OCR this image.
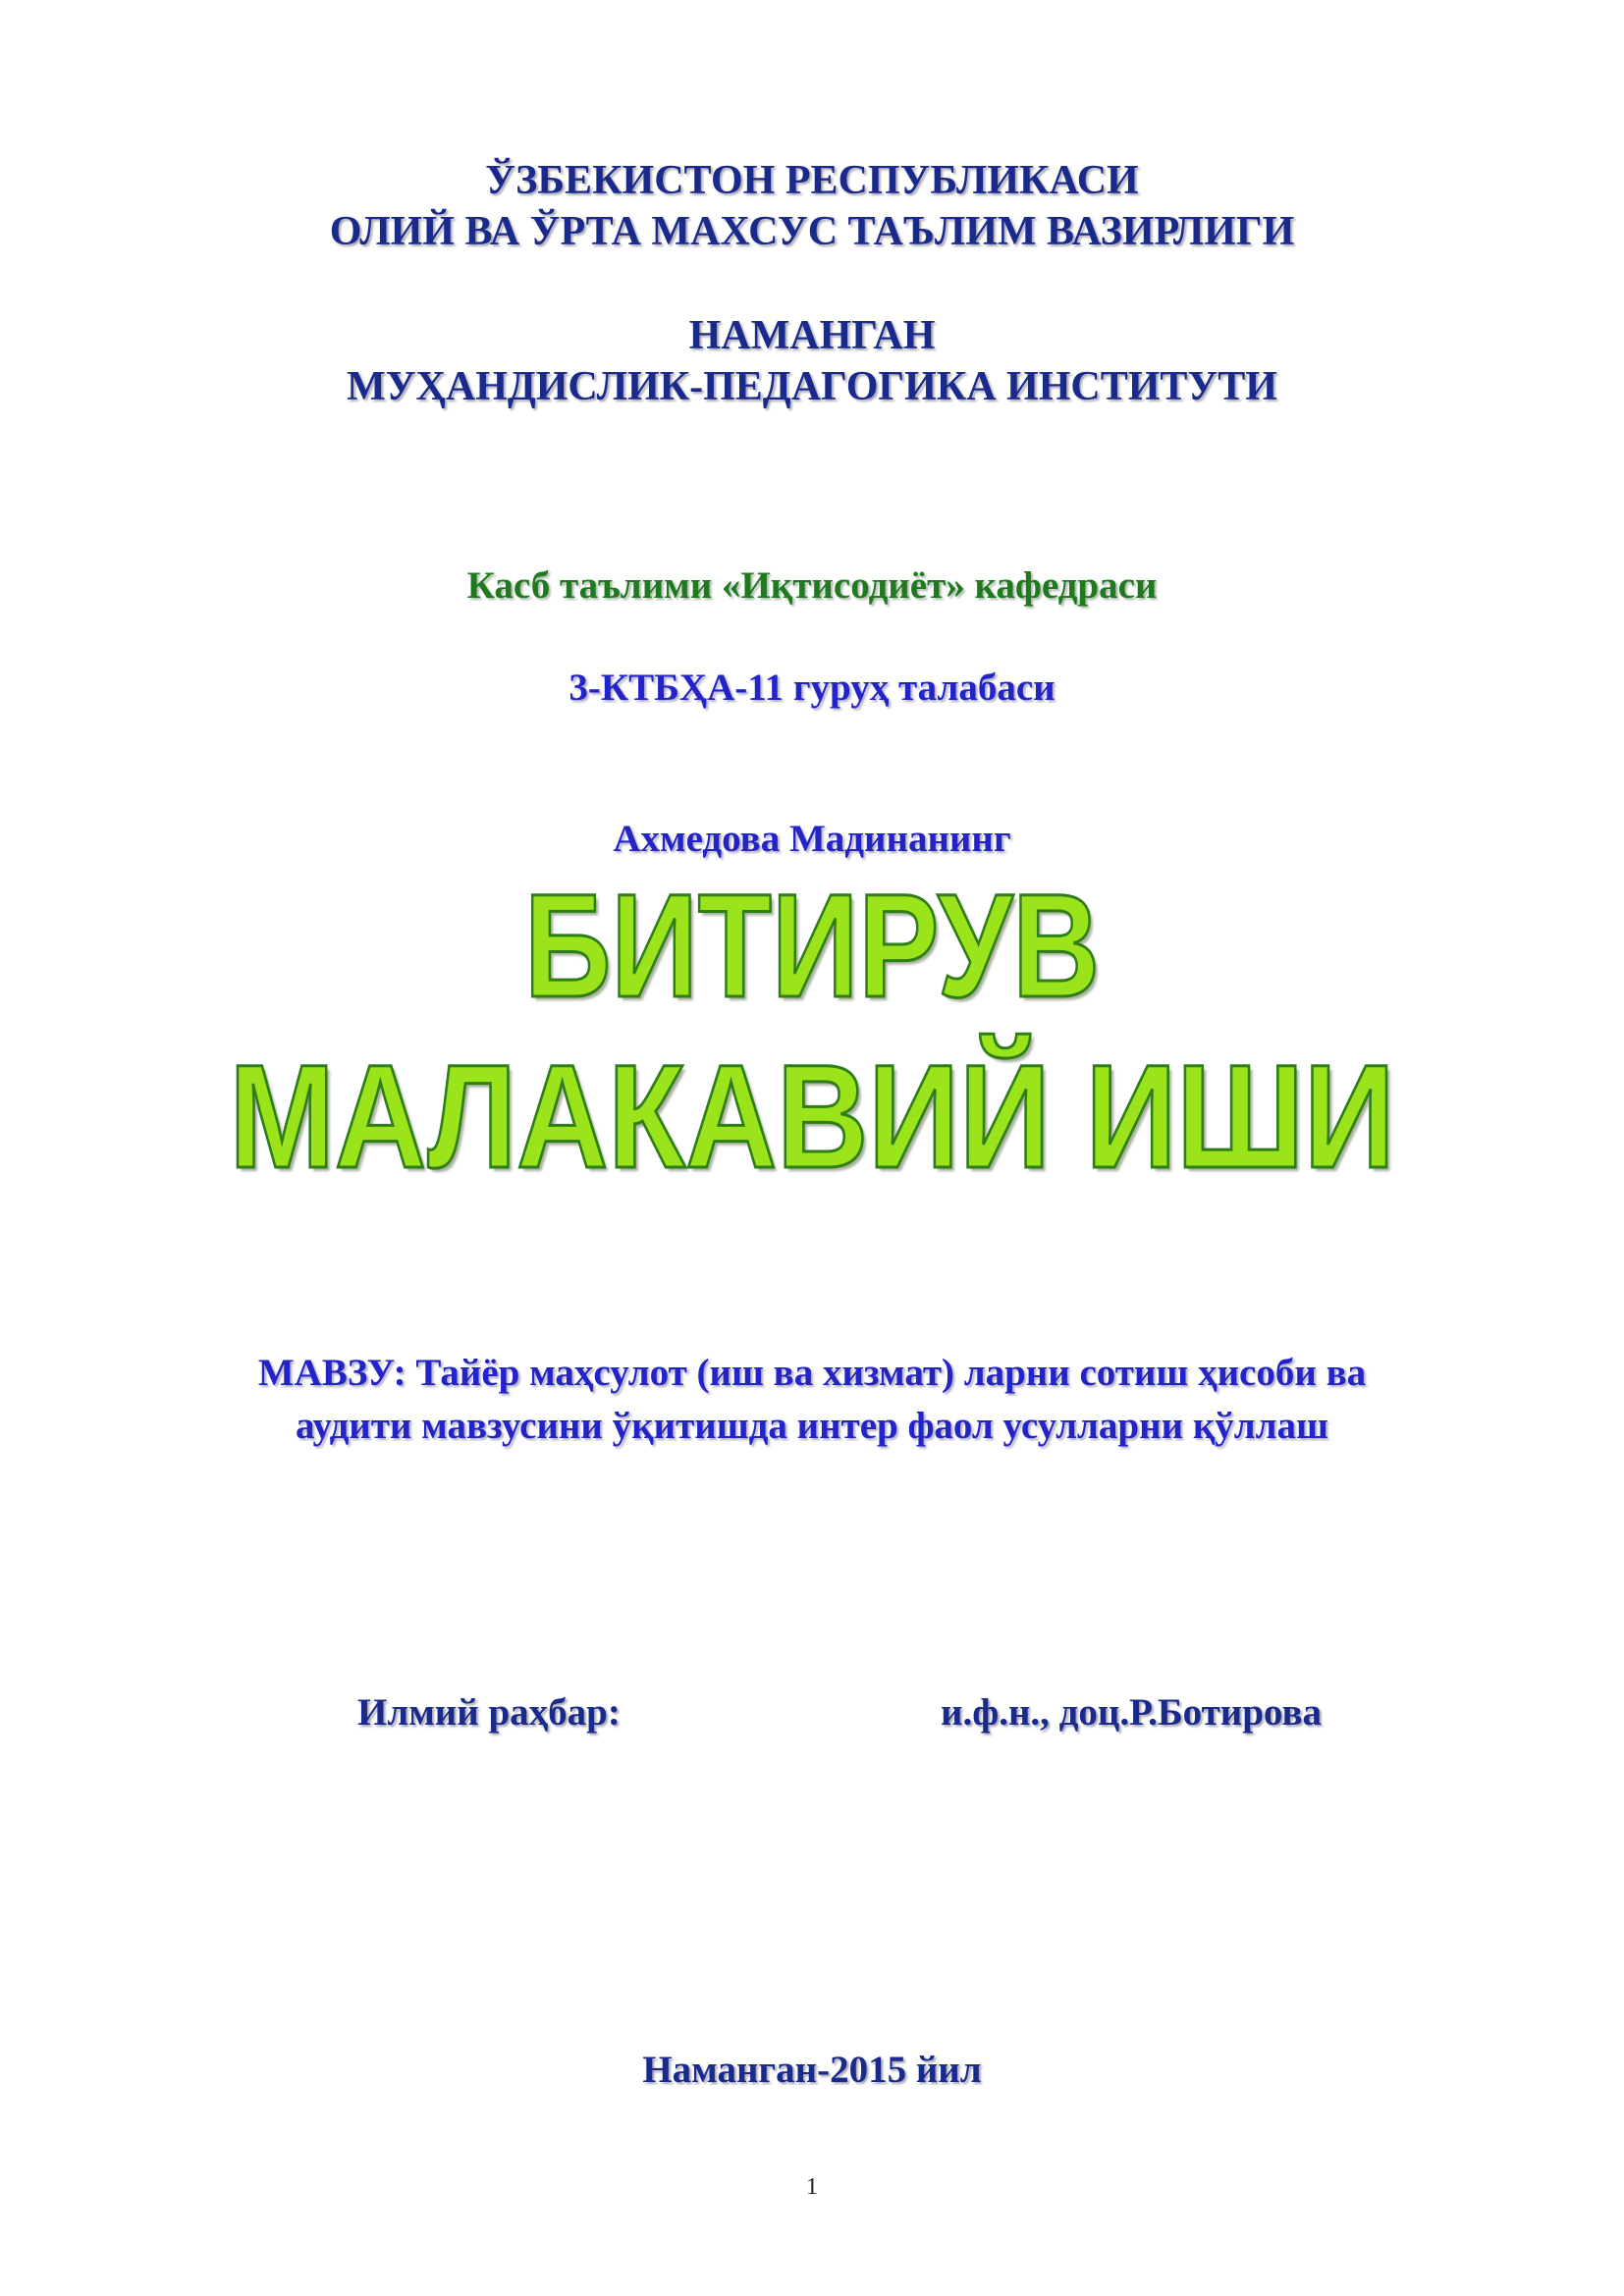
ЎЗБЕКИСТОН РЕСПУБЛИКАСИ
ОЛИЙ ВА ЎРТА МАХСУС ТАЪЛИМ ВАЗИРЛИГИ
НАМАНГАН
МУҲАНДИСЛИК-ПЕДАГОГИКА ИНСТИТУТИ
Касб таълими «Иқтисодиёт» кафедраси
3-КТБҲА-11 гуруҳ талабаси
Ахмедова Мадинанинг
БИТИРУВ
МАЛАКАВИЙ ИШИ
МАВЗУ: Тайёр маҳсулот (иш ва хизмат) ларни сотиш ҳисоби ва
аудити мавзусини ўқитишда интер фаол усулларни қўллаш
Илмий раҳбар:	и.ф.н., доц.Р.Ботирова
Наманган-2015 йил
1
